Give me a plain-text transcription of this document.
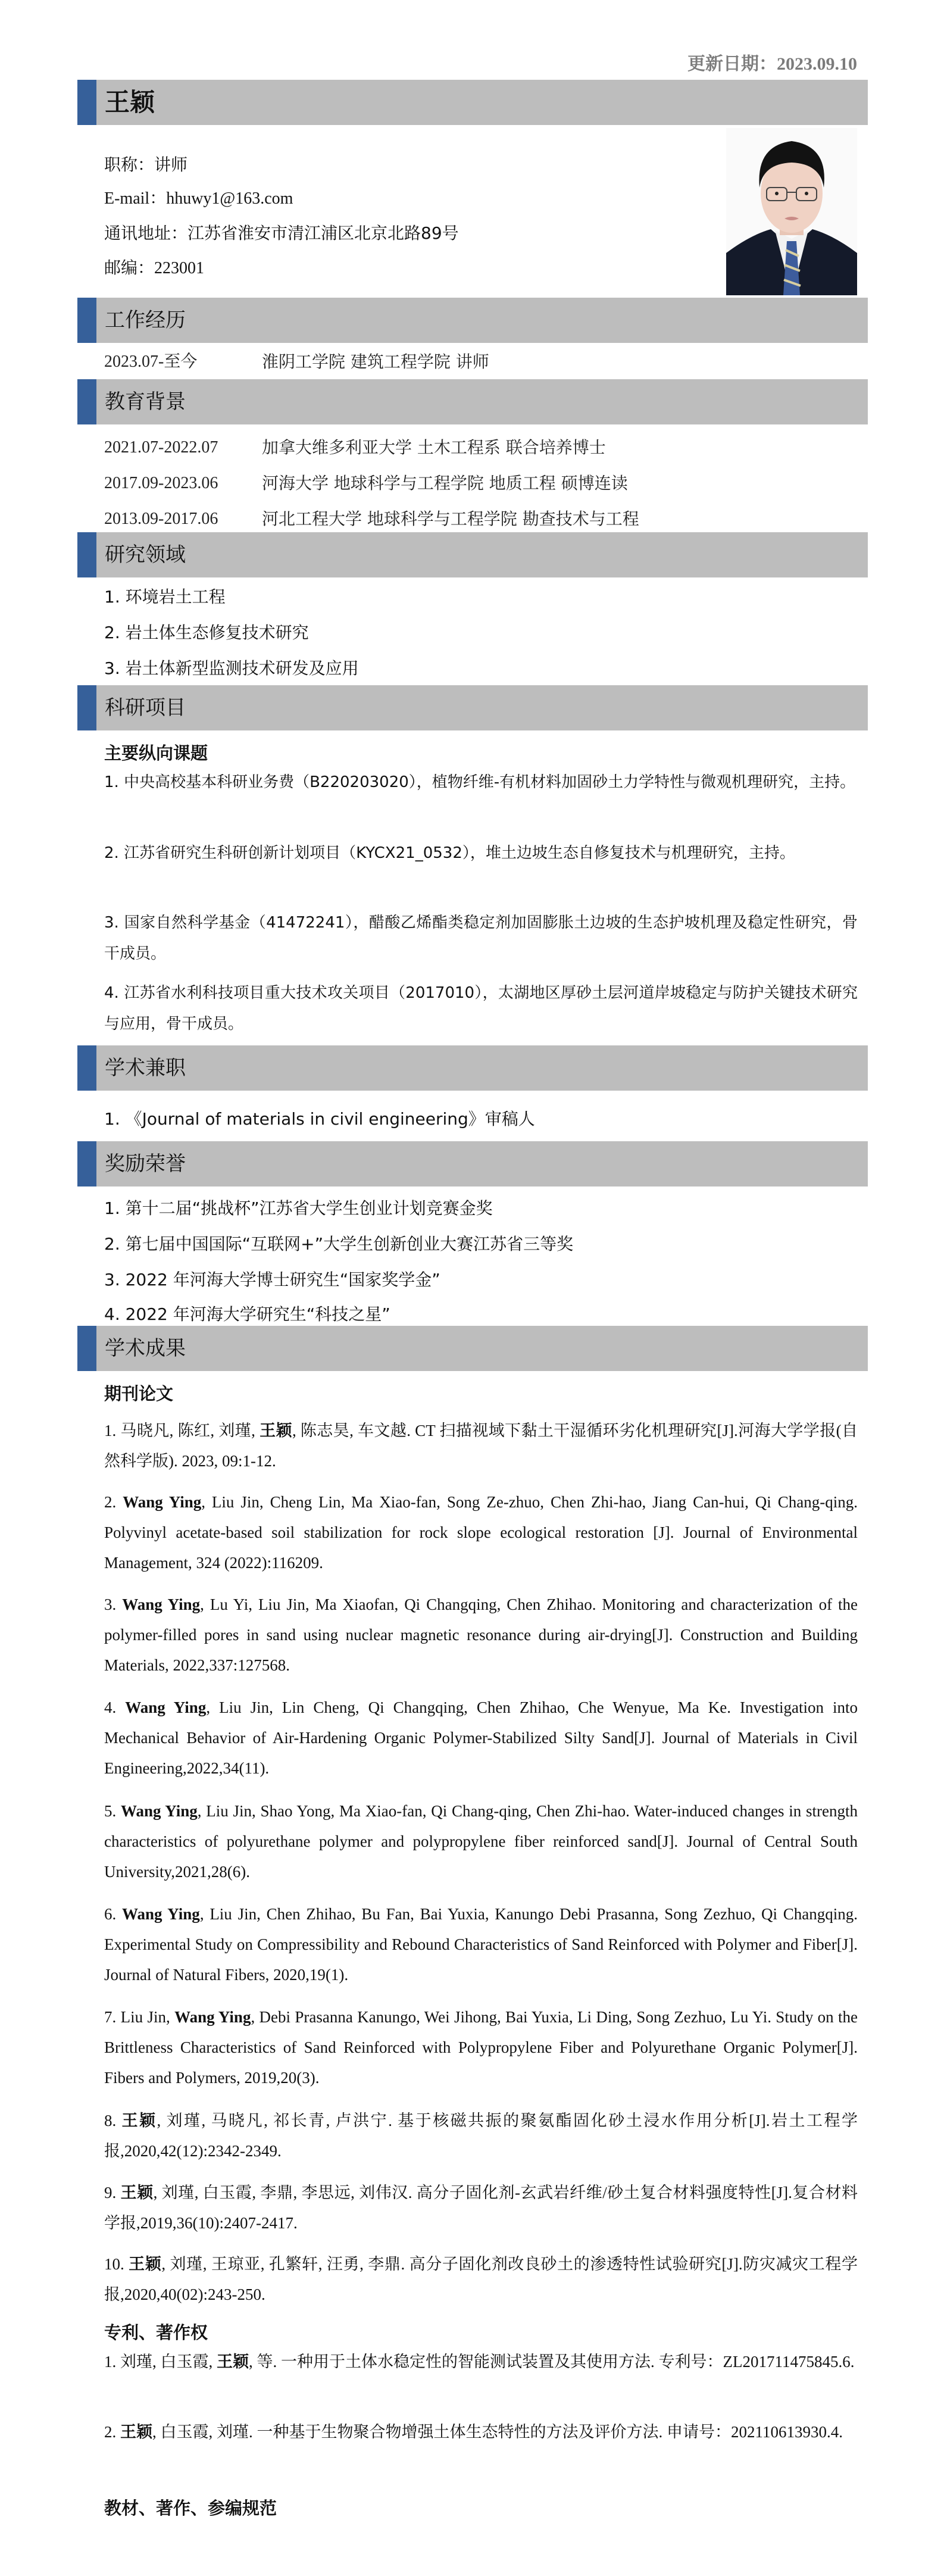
更新日期：2023.09.10
王颖
职称：讲师
E-mail：hhuwy1@163.com
通讯地址：江苏省淮安市清江浦区北京北路89号
邮编：223001
工作经历
2023.07-至今	淮阴工学院 建筑工程学院 讲师
教育背景
2021.07-2022.07	加拿大维多利亚大学 土木工程系 联合培养博士
2017.09-2023.06	河海大学 地球科学与工程学院 地质工程 硕博连读
2013.09-2017.06	河北工程大学 地球科学与工程学院 勘查技术与工程
研究领域
1. 环境岩土工程
2. 岩土体生态修复技术研究
3. 岩土体新型监测技术研发及应用
科研项目
主要纵向课题
1. 中央高校基本科研业务费（B220203020），植物纤维-有机材料加固砂土力学特性与微观机理研究，主持。
2. 江苏省研究生科研创新计划项目（KYCX21_0532），堆土边坡生态自修复技术与机理研究，主持。
3. 国家自然科学基金（41472241），醋酸乙烯酯类稳定剂加固膨胀土边坡的生态护坡机理及稳定性研究，骨干成员。
4. 江苏省水利科技项目重大技术攻关项目（2017010），太湖地区厚砂土层河道岸坡稳定与防护关键技术研究与应用，骨干成员。
学术兼职
1. 《Journal of materials in civil engineering》审稿人
奖励荣誉
1. 第十二届“挑战杯”江苏省大学生创业计划竞赛金奖
2. 第七届中国国际“互联网+”大学生创新创业大赛江苏省三等奖
3. 2022 年河海大学博士研究生“国家奖学金”
4. 2022 年河海大学研究生“科技之星”
学术成果
期刊论文
1. 马晓凡, 陈红, 刘瑾, 王颖, 陈志昊, 车文越. CT 扫描视域下黏土干湿循环劣化机理研究[J].河海大学学报(自然科学版). 2023, 09:1-12.
2. Wang Ying, Liu Jin, Cheng Lin, Ma Xiao-fan, Song Ze-zhuo, Chen Zhi-hao, Jiang Can-hui, Qi Chang-qing. Polyvinyl acetate-based soil stabilization for rock slope ecological restoration [J]. Journal of Environmental Management, 324 (2022):116209.
3. Wang Ying, Lu Yi, Liu Jin, Ma Xiaofan, Qi Changqing, Chen Zhihao. Monitoring and characterization of the polymer-filled pores in sand using nuclear magnetic resonance during air-drying[J]. Construction and Building Materials, 2022,337:127568.
4. Wang Ying, Liu Jin, Lin Cheng, Qi Changqing, Chen Zhihao, Che Wenyue, Ma Ke. Investigation into Mechanical Behavior of Air-Hardening Organic Polymer-Stabilized Silty Sand[J]. Journal of Materials in Civil Engineering,2022,34(11).
5. Wang Ying, Liu Jin, Shao Yong, Ma Xiao-fan, Qi Chang-qing, Chen Zhi-hao. Water-induced changes in strength characteristics of polyurethane polymer and polypropylene fiber reinforced sand[J]. Journal of Central South University,2021,28(6).
6. Wang Ying, Liu Jin, Chen Zhihao, Bu Fan, Bai Yuxia, Kanungo Debi Prasanna, Song Zezhuo, Qi Changqing. Experimental Study on Compressibility and Rebound Characteristics of Sand Reinforced with Polymer and Fiber[J]. Journal of Natural Fibers, 2020,19(1).
7. Liu Jin, Wang Ying, Debi Prasanna Kanungo, Wei Jihong, Bai Yuxia, Li Ding, Song Zezhuo, Lu Yi. Study on the Brittleness Characteristics of Sand Reinforced with Polypropylene Fiber and Polyurethane Organic Polymer[J]. Fibers and Polymers, 2019,20(3).
8. 王颖, 刘瑾, 马晓凡, 祁长青, 卢洪宁. 基于核磁共振的聚氨酯固化砂土浸水作用分析[J].岩土工程学报,2020,42(12):2342-2349.
9. 王颖, 刘瑾, 白玉霞, 李鼎, 李思远, 刘伟汉. 高分子固化剂-玄武岩纤维/砂土复合材料强度特性[J].复合材料学报,2019,36(10):2407-2417.
10. 王颖, 刘瑾, 王琼亚, 孔繁轩, 汪勇, 李鼎. 高分子固化剂改良砂土的渗透特性试验研究[J].防灾减灾工程学报,2020,40(02):243-250.
专利、著作权
1. 刘瑾, 白玉霞, 王颖, 等. 一种用于土体水稳定性的智能测试装置及其使用方法. 专利号：ZL201711475845.6.
2. 王颖, 白玉霞, 刘瑾. 一种基于生物聚合物增强土体生态特性的方法及评价方法. 申请号：202110613930.4.
教材、著作、参编规范
